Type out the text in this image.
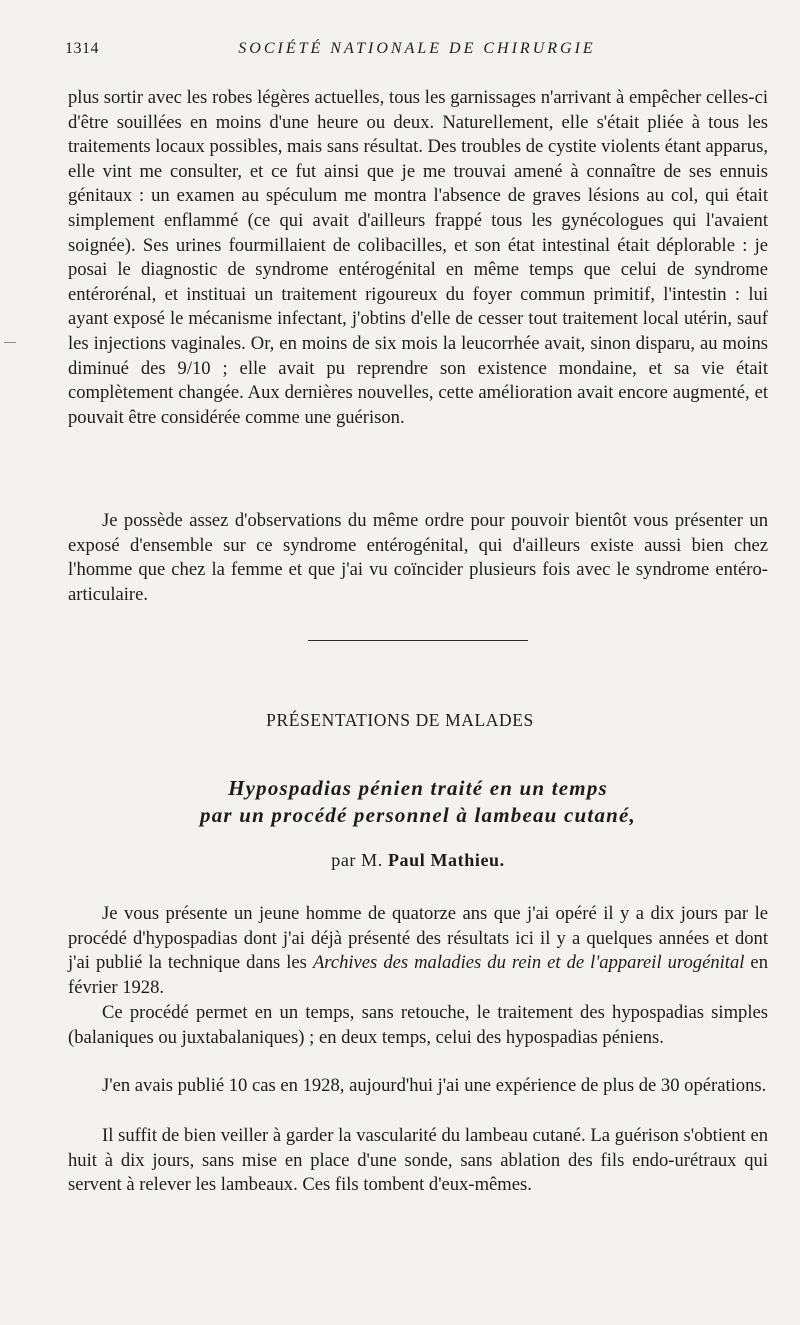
1314	SOCIÉTÉ NATIONALE DE CHIRURGIE

plus sortir avec les robes légères actuelles, tous les garnissages n'arrivant à empêcher celles-ci d'être souillées en moins d'une heure ou deux. Naturellement, elle s'était pliée à tous les traitements locaux possibles, mais sans résultat. Des troubles de cystite violents étant apparus, elle vint me consulter, et ce fut ainsi que je me trouvai amené à connaître de ses ennuis génitaux : un examen au spéculum me montra l'absence de graves lésions au col, qui était simplement enflammé (ce qui avait d'ailleurs frappé tous les gynécologues qui l'avaient soignée). Ses urines fourmillaient de colibacilles, et son état intestinal était déplorable : je posai le diagnostic de syndrome entérogénital en même temps que celui de syndrome entérorénal, et instituai un traitement rigoureux du foyer commun primitif, l'intestin : lui ayant exposé le mécanisme infectant, j'obtins d'elle de cesser tout traitement local utérin, sauf les injections vaginales. Or, en moins de six mois la leucorrhée avait, sinon disparu, au moins diminué des 9/10 ; elle avait pu reprendre son existence mondaine, et sa vie était complètement changée. Aux dernières nouvelles, cette amélioration avait encore augmenté, et pouvait être considérée comme une guérison.

Je possède assez d'observations du même ordre pour pouvoir bientôt vous présenter un exposé d'ensemble sur ce syndrome entérogénital, qui d'ailleurs existe aussi bien chez l'homme que chez la femme et que j'ai vu coïncider plusieurs fois avec le syndrome entéro-articulaire.

PRÉSENTATIONS DE MALADES
Hypospadias pénien traité en un temps
par un procédé personnel à lambeau cutané,
par M. Paul Mathieu.

Je vous présente un jeune homme de quatorze ans que j'ai opéré il y a dix jours par le procédé d'hypospadias dont j'ai déjà présenté des résultats ici il y a quelques années et dont j'ai publié la technique dans les Archives des maladies du rein et de l'appareil urogénital en février 1928.

Ce procédé permet en un temps, sans retouche, le traitement des hypospadias simples (balaniques ou juxtabalaniques) ; en deux temps, celui des hypospadias péniens.

J'en avais publié 10 cas en 1928, aujourd'hui j'ai une expérience de plus de 30 opérations.

Il suffit de bien veiller à garder la vascularité du lambeau cutané. La guérison s'obtient en huit à dix jours, sans mise en place d'une sonde, sans ablation des fils endo-urétraux qui servent à relever les lambeaux. Ces fils tombent d'eux-mêmes.
